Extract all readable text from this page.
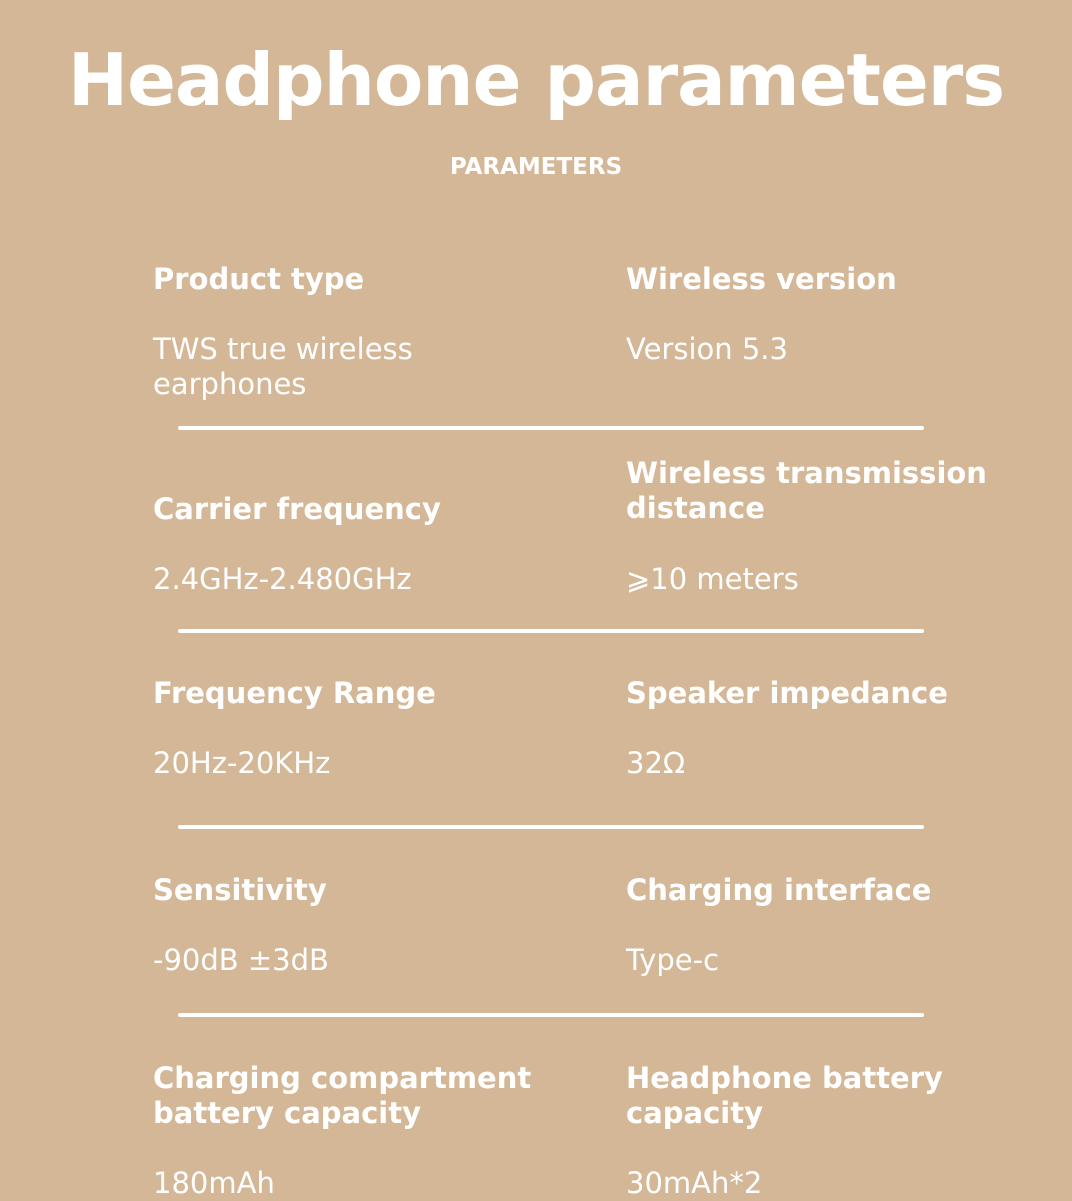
Headphone parameters
PARAMETERS
Product type
TWS true wireless earphones
Wireless version
Version 5.3
Carrier frequency
2.4GHz-2.480GHz
Wireless transmission distance
⩾10 meters
Frequency Range
20Hz-20KHz
Speaker impedance
32Ω
Sensitivity
-90dB ±3dB
Charging interface
Type-c
Charging compartment battery capacity
180mAh
Headphone battery capacity
30mAh*2
